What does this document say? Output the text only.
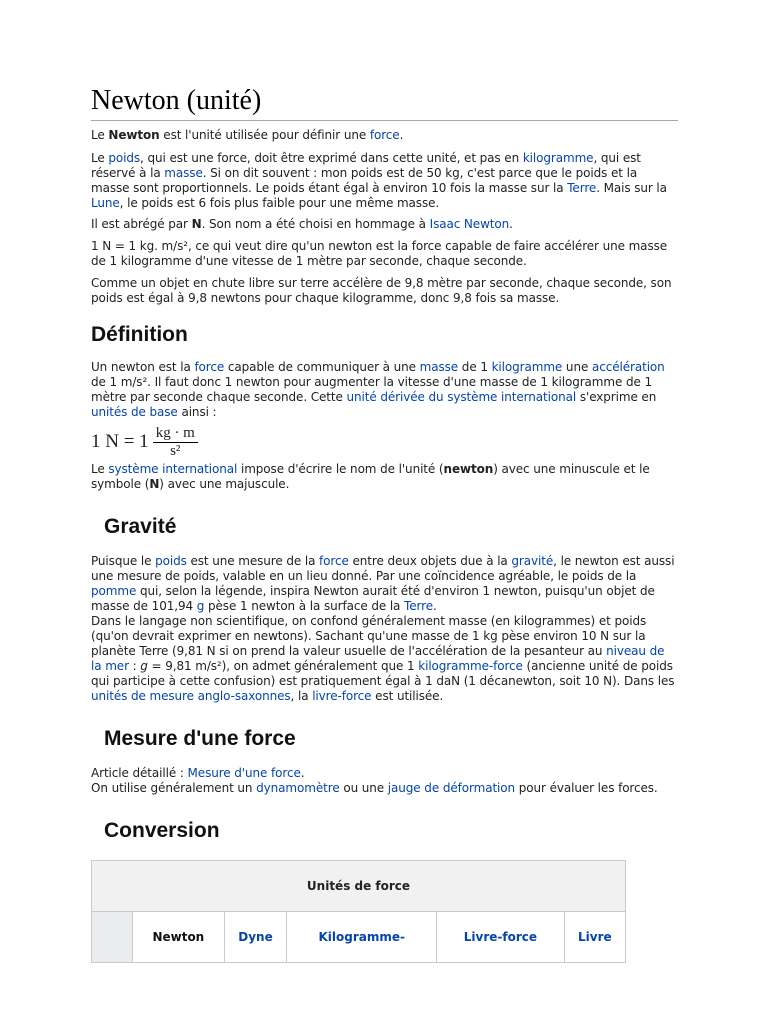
Newton (unité)

Le Newton est l'unité utilisée pour définir une force.

Le poids, qui est une force, doit être exprimé dans cette unité, et pas en kilogramme, qui est réservé à la masse. Si on dit souvent : mon poids est de 50 kg, c'est parce que le poids et la masse sont proportionnels. Le poids étant égal à environ 10 fois la masse sur la Terre. Mais sur la Lune, le poids est 6 fois plus faible pour une même masse.

Il est abrégé par N. Son nom a été choisi en hommage à Isaac Newton.

1 N = 1 kg. m/s², ce qui veut dire qu'un newton est la force capable de faire accélérer une masse de 1 kilogramme d'une vitesse de 1 mètre par seconde, chaque seconde.

Comme un objet en chute libre sur terre accélère de 9,8 mètre par seconde, chaque seconde, son poids est égal à 9,8 newtons pour chaque kilogramme, donc 9,8 fois sa masse.

Définition

Un newton est la force capable de communiquer à une masse de 1 kilogramme une accélération de 1 m/s². Il faut donc 1 newton pour augmenter la vitesse d'une masse de 1 kilogramme de 1 mètre par seconde chaque seconde. Cette unité dérivée du système international s'exprime en unités de base ainsi :

1 $N = 1 \frac{kg \cdot m}{\text{s²}}$

Le système international impose d'écrire le nom de l'unité (newton) avec une minuscule et le symbole (N) avec une majuscule.

Gravité

Puisque le poids est une mesure de la force entre deux objets due à la gravité, le newton est aussi une mesure de poids, valable en un lieu donné. Par une coïncidence agréable, le poids de la pomme qui, selon la légende, inspira Newton aurait été d'environ 1 newton, puisqu'un objet de masse de 101,94 g pèse 1 newton à la surface de la Terre.

Dans le langage non scientifique, on confond généralement masse (en kilogrammes) et poids (qu'on devrait exprimer en newtons). Sachant qu'une masse de 1 kg pèse environ 10 N sur la planète Terre (9,81 N si on prend la valeur usuelle de l'accélération de la pesanteur au niveau de la mer : g = 9,81 m/s²), on admet généralement que 1 kilogramme-force (ancienne unité de poids qui participe à cette confusion) est pratiquement égal à 1 daN (1 décanewton, soit 10 N). Dans les unités de mesure anglo-saxonnes, la livre-force est utilisée.

Mesure d'une force

Article détaillé : Mesure d'une force.

On utilise généralement un dynamomètre ou une jauge de déformation pour évaluer les forces.

Conversion
Unités de force
	Newton	Dyne	Kilogramme-	Livre-force	Livre
